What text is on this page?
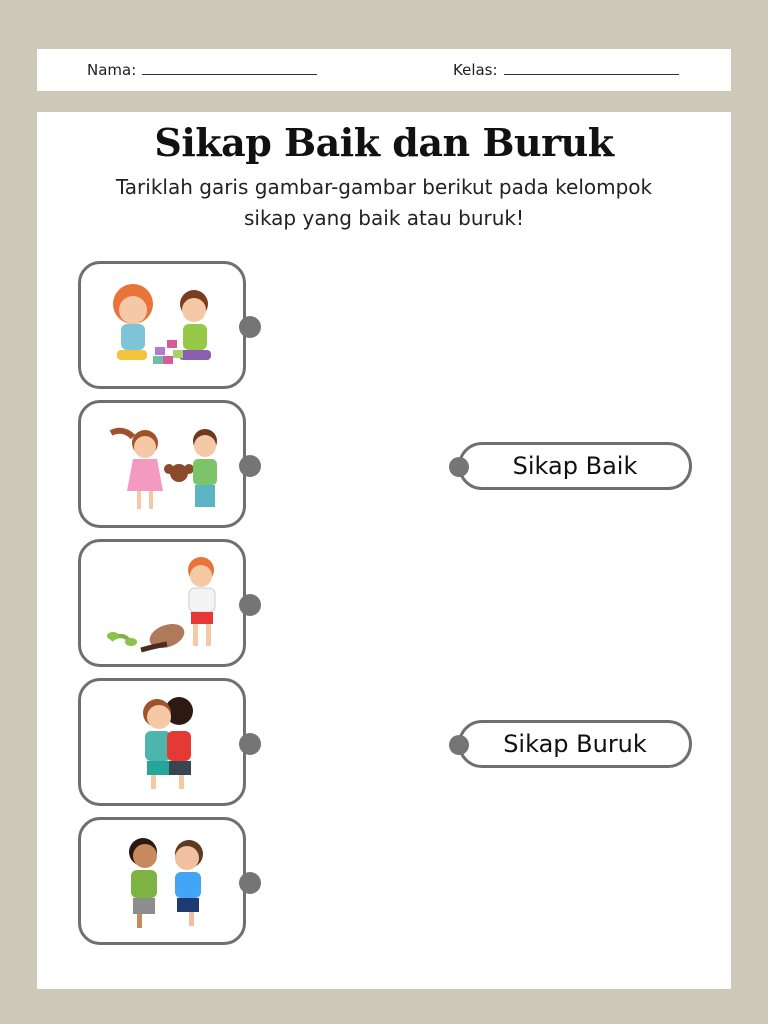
Nama:	Kelas:
Sikap Baik dan Buruk
Tariklah garis gambar-gambar berikut pada kelompok
sikap yang baik atau buruk!
Sikap Baik
Sikap Buruk
